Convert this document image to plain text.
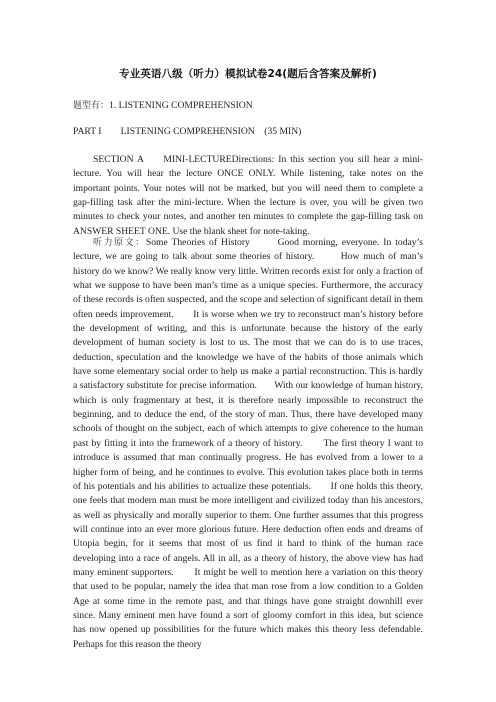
专业英语八级（听力）模拟试卷24(题后含答案及解析)
题型有：1. LISTENING COMPREHENSION
PART I        LISTENING COMPREHENSION    (35 MIN)
SECTION A     MINI-LECTUREDirections: In this section you sill hear a mini-lecture. You will hear the lecture ONCE ONLY. While listening, take notes on the important points. Your notes will not be marked, but you will need them to complete a gap-filling task after the mini-lecture. When the lecture is over, you will be given two minutes to check your notes, and another ten minutes to complete the gap-filling task on ANSWER SHEET ONE. Use the blank sheet for note-taking.
听力原文：Some Theories of History       Good morning, everyone. In today’s lecture, we are going to talk about some theories of history.       How much of man’s history do we know? We really know very little. Written records exist for only a fraction of what we suppose to have been man’s time as a unique species. Furthermore, the accuracy of these records is often suspected, and the scope and selection of significant detail in them often needs improvement.       It is worse when we try to reconstruct man’s history before the development of writing, and this is unfortunate because the history of the early development of human society is lost to us. The most that we can do is to use traces, deduction, speculation and the knowledge we have of the habits of those animals which have some elementary social order to help us make a partial reconstruction. This is hardly a satisfactory substitute for precise information.       With our knowledge of human history, which is only fragmentary at best, it is therefore nearly impossible to reconstruct the beginning, and to deduce the end, of the story of man. Thus, there have developed many schools of thought on the subject, each of which attempts to give coherence to the human past by fitting it into the framework of a theory of history.       The first theory I want to introduce is assumed that man continually progress. He has evolved from a lower to a higher form of being, and he continues to evolve. This evolution takes place both in terms of his potentials and his abilities to actualize these potentials.       If one holds this theory, one feels that modern man must be more intelligent and civilized today than his ancestors, as well as physically and morally superior to them. One further assumes that this progress will continue into an ever more glorious future. Here deduction often ends and dreams of Utopia begin, for it seems that most of us find it hard to think of the human race developing into a race of angels. All in all, as a theory of history, the above view has had many eminent supporters.       It might be well to mention here a variation on this theory that used to be popular, namely the idea that man rose from a low condition to a Golden Age at some time in the remote past, and that things have gone straight downhill ever since. Many eminent men have found a sort of gloomy comfort in this idea, but science has now opened up possibilities for the future which makes this theory less defendable. Perhaps for this reason the theory
